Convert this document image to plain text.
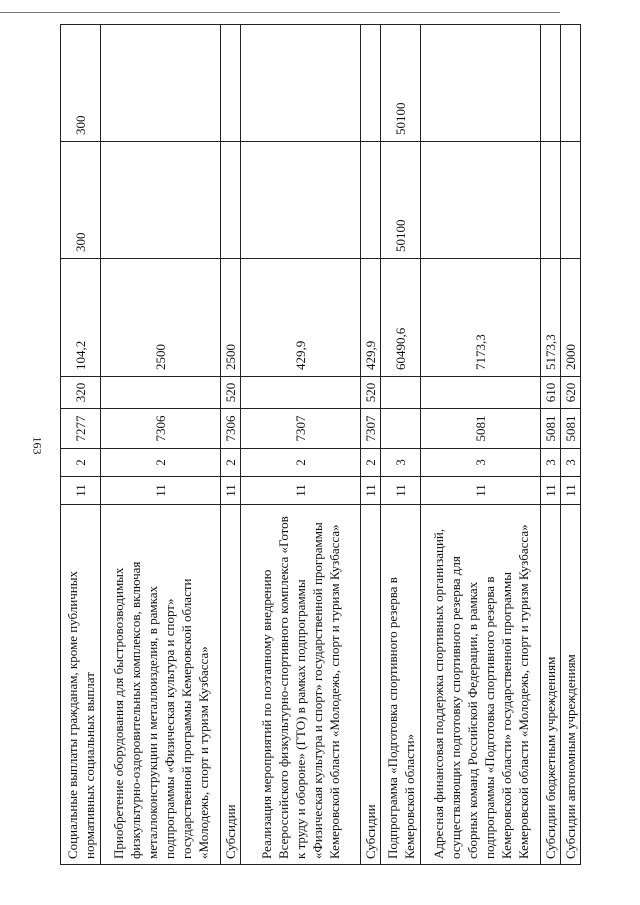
163
Социальные выплаты гражданам, кроме публичных нормативных социальных выплат	11	2	7277	320	104,2	300	300
Приобретение оборудования для быстровозводимых физкультурно-оздоровительных комплексов, включая металлоконструкции и металлоизделия, в рамках подпрограммы «Физическая культура и спорт» государственной программы Кемеровской области «Молодежь, спорт и туризм Кузбасса»	11	2	7306		2500		
Субсидии	11	2	7306	520	2500		
Реализация мероприятий по поэтапному внедрению Всероссийского физкультурно-спортивного комплекса «Готов к труду и обороне» (ГТО) в рамках подпрограммы «Физическая культура и спорт» государственной программы Кемеровской области «Молодежь, спорт и туризм Кузбасса»	11	2	7307		429,9		
Субсидии	11	2	7307	520	429,9		
Подпрограмма «Подготовка спортивного резерва в Кемеровской области»	11	3			60490,6	50100	50100
Адресная финансовая поддержка спортивных организаций, осуществляющих подготовку спортивного резерва для сборных команд Российской Федерации, в рамках подпрограммы «Подготовка спортивного резерва в Кемеровской области» государственной программы Кемеровской области «Молодежь, спорт и туризм Кузбасса»	11	3	5081		7173,3		
Субсидии бюджетным учреждениям	11	3	5081	610	5173,3		
Субсидии автономным учреждениям	11	3	5081	620	2000		
